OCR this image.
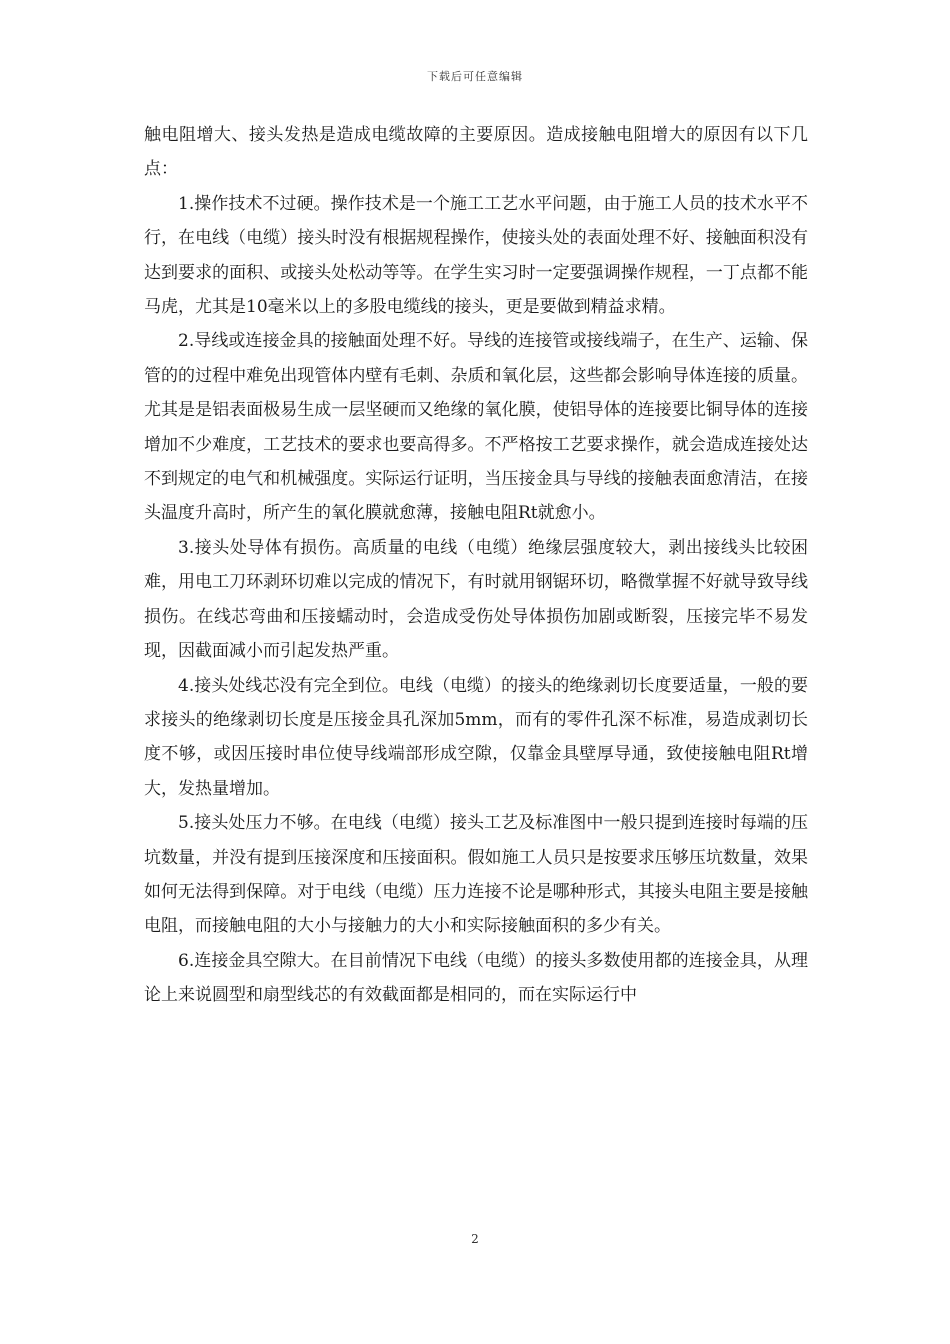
下载后可任意编辑

触电阻增大、接头发热是造成电缆故障的主要原因。造成接触电阻增大的原因有以下几点：

1.操作技术不过硬。操作技术是一个施工工艺水平问题，由于施工人员的技术水平不行，在电线（电缆）接头时没有根据规程操作，使接头处的表面处理不好、接触面积没有达到要求的面积、或接头处松动等等。在学生实习时一定要强调操作规程，一丁点都不能马虎，尤其是10毫米以上的多股电缆线的接头，更是要做到精益求精。

2.导线或连接金具的接触面处理不好。导线的连接管或接线端子，在生产、运输、保管的的过程中难免出现管体内壁有毛刺、杂质和氧化层，这些都会影响导体连接的质量。尤其是是铝表面极易生成一层坚硬而又绝缘的氧化膜，使铝导体的连接要比铜导体的连接增加不少难度，工艺技术的要求也要高得多。不严格按工艺要求操作，就会造成连接处达不到规定的电气和机械强度。实际运行证明，当压接金具与导线的接触表面愈清洁，在接头温度升高时，所产生的氧化膜就愈薄，接触电阻Rt就愈小。

3.接头处导体有损伤。高质量的电线（电缆）绝缘层强度较大，剥出接线头比较困难，用电工刀环剥环切难以完成的情况下，有时就用钢锯环切，略微掌握不好就导致导线损伤。在线芯弯曲和压接蠕动时，会造成受伤处导体损伤加剧或断裂，压接完毕不易发现，因截面减小而引起发热严重。

4.接头处线芯没有完全到位。电线（电缆）的接头的绝缘剥切长度要适量，一般的要求接头的绝缘剥切长度是压接金具孔深加5mm，而有的零件孔深不标准，易造成剥切长度不够，或因压接时串位使导线端部形成空隙，仅靠金具壁厚导通，致使接触电阻Rt增大，发热量增加。

5.接头处压力不够。在电线（电缆）接头工艺及标准图中一般只提到连接时每端的压坑数量，并没有提到压接深度和压接面积。假如施工人员只是按要求压够压坑数量，效果如何无法得到保障。对于电线（电缆）压力连接不论是哪种形式，其接头电阻主要是接触电阻，而接触电阻的大小与接触力的大小和实际接触面积的多少有关。

6.连接金具空隙大。在目前情况下电线（电缆）的接头多数使用都的连接金具，从理论上来说圆型和扇型线芯的有效截面都是相同的，而在实际运行中

2
